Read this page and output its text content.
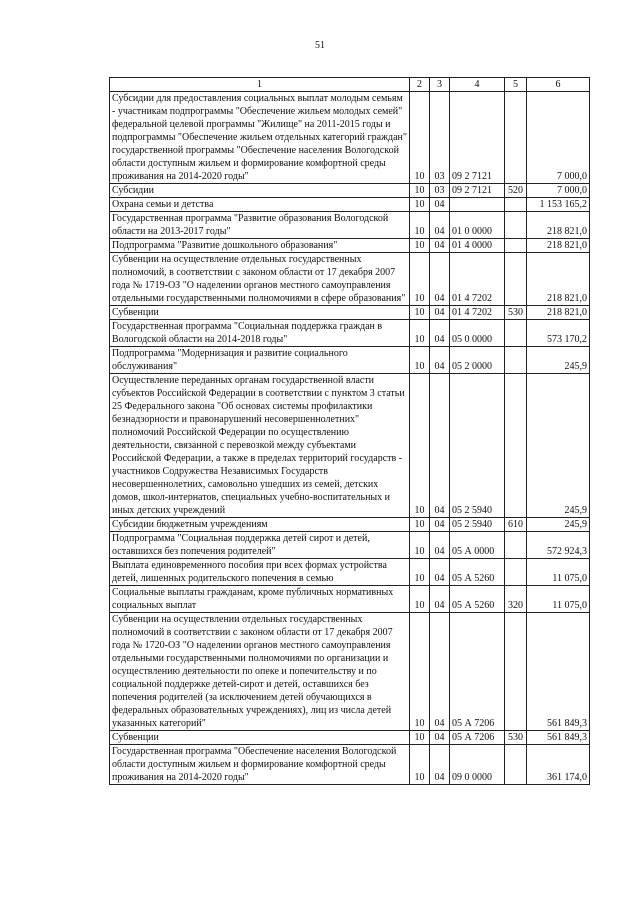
51
1	2	3	4	5	6
Субсидии для предоставления социальных выплат молодым семьям - участникам подпрограммы "Обеспечение жильем молодых семей" федеральной целевой программы "Жилище" на 2011-2015 годы и подпрограммы "Обеспечение жильем отдельных категорий граждан" государственной программы "Обеспечение населения Вологодской области доступным жильем и формирование комфортной среды проживания на 2014-2020 годы"	10	03	09 2 7121		7 000,0
Субсидии	10	03	09 2 7121	520	7 000,0
Охрана семьи и детства	10	04			1 153 165,2
Государственная программа "Развитие образования Вологодской области на 2013-2017 годы"	10	04	01 0 0000		218 821,0
Подпрограмма "Развитие дошкольного образования"	10	04	01 4 0000		218 821,0
Субвенции на осуществление отдельных государственных полномочий, в соответствии с законом области от 17 декабря 2007 года № 1719-ОЗ "О наделении органов местного самоуправления отдельными государственными полномочиями в сфере образования"	10	04	01 4 7202		218 821,0
Субвенции	10	04	01 4 7202	530	218 821,0
Государственная программа "Социальная поддержка граждан в Вологодской области на 2014-2018 годы"	10	04	05 0 0000		573 170,2
Подпрограмма "Модернизация и развитие социального обслуживания"	10	04	05 2 0000		245,9
Осуществление переданных органам государственной власти субъектов Российской Федерации в соответствии с пунктом 3 статьи 25 Федерального закона "Об основах системы профилактики безнадзорности и правонарушений несовершеннолетних" полномочий Российской Федерации по осуществлению деятельности, связанной с перевозкой между субъектами Российской Федерации, а также в пределах территорий государств - участников Содружества Независимых Государств несовершеннолетних, самовольно ушедших из семей, детских домов, школ-интернатов, специальных учебно-воспитательных и иных детских учреждений	10	04	05 2 5940		245,9
Субсидии бюджетным учреждениям	10	04	05 2 5940	610	245,9
Подпрограмма "Социальная поддержка детей сирот и детей, оставшихся без попечения родителей"	10	04	05 А 0000		572 924,3
Выплата единовременного пособия при всех формах устройства детей, лишенных родительского попечения в семью	10	04	05 А 5260		11 075,0
Социальные выплаты гражданам, кроме публичных нормативных социальных выплат	10	04	05 А 5260	320	11 075,0
Субвенции на осуществлении отдельных государственных полномочий в соответствии с законом области от 17 декабря 2007 года № 1720-ОЗ "О наделении органов местного самоуправления отдельными государственными полномочиями по организации и осуществлению деятельности по опеке и попечительству и по социальной поддержке детей-сирот и детей, оставшихся без попечения родителей (за исключением детей обучающихся в федеральных образовательных учреждениях), лиц из числа детей указанных категорий"	10	04	05 А 7206		561 849,3
Субвенции	10	04	05 А 7206	530	561 849,3
Государственная программа "Обеспечение населения Вологодской области доступным жильем и формирование комфортной среды проживания на 2014-2020 годы"	10	04	09 0 0000		361 174,0
